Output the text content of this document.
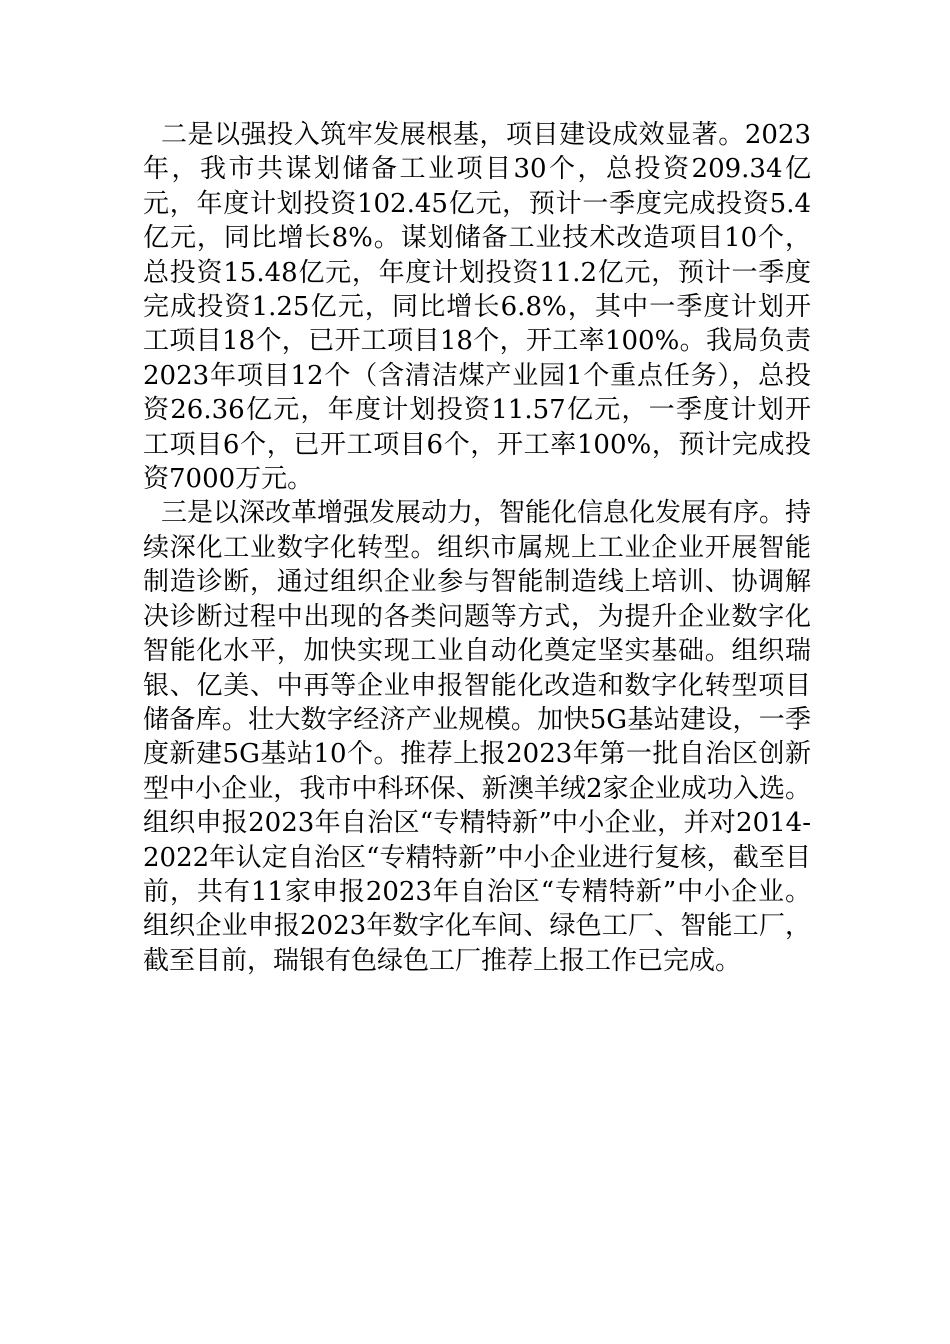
二是以强投入筑牢发展根基，项目建设成效显著。2023年，我市共谋划储备工业项目30个，总投资209.34亿元，年度计划投资102.45亿元，预计一季度完成投资5.4亿元，同比增长8%。谋划储备工业技术改造项目10个，总投资15.48亿元，年度计划投资11.2亿元，预计一季度完成投资1.25亿元，同比增长6.8%，其中一季度计划开工项目18个，已开工项目18个，开工率100%。我局负责2023年项目12个（含清洁煤产业园1个重点任务），总投资26.36亿元，年度计划投资11.57亿元，一季度计划开工项目6个，已开工项目6个，开工率100%，预计完成投资7000万元。

三是以深改革增强发展动力，智能化信息化发展有序。持续深化工业数字化转型。组织市属规上工业企业开展智能制造诊断，通过组织企业参与智能制造线上培训、协调解决诊断过程中出现的各类问题等方式，为提升企业数字化智能化水平，加快实现工业自动化奠定坚实基础。组织瑞银、亿美、中再等企业申报智能化改造和数字化转型项目储备库。壮大数字经济产业规模。加快5G基站建设，一季度新建5G基站10个。推荐上报2023年第一批自治区创新型中小企业，我市中科环保、新澳羊绒2家企业成功入选。组织申报2023年自治区“专精特新”中小企业，并对2014-2022年认定自治区“专精特新”中小企业进行复核，截至目前，共有11家申报2023年自治区“专精特新”中小企业。组织企业申报2023年数字化车间、绿色工厂、智能工厂，截至目前，瑞银有色绿色工厂推荐上报工作已完成。
